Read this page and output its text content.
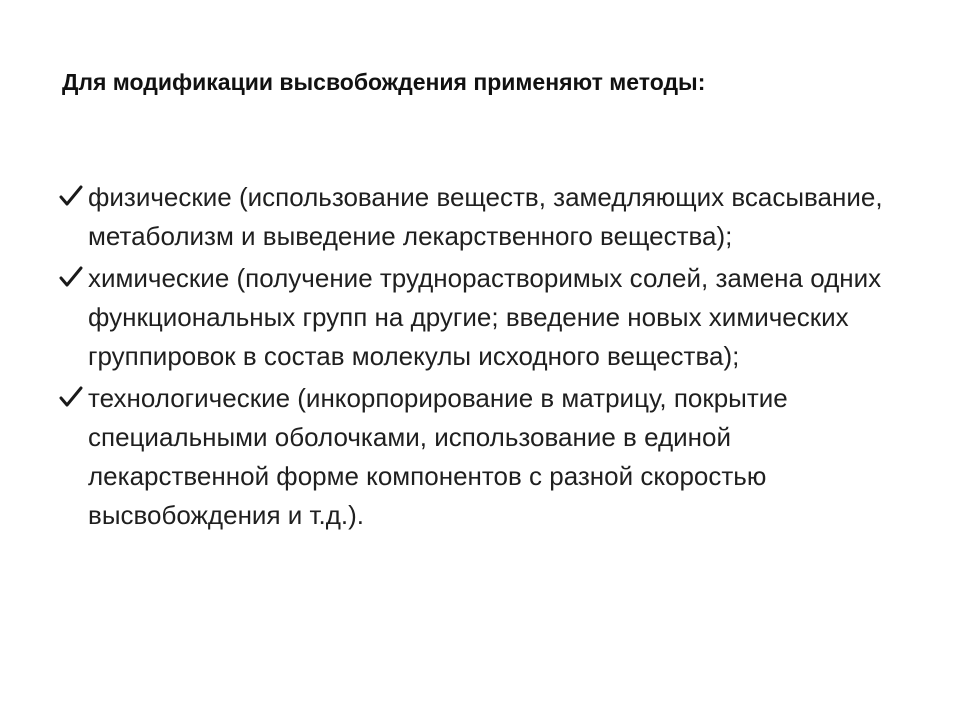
Для модификации высвобождения применяют методы:
физические (использование веществ, замедляющих всасывание, метаболизм и выведение лекарственного вещества);
химические (получение труднорастворимых солей, замена одних функциональных групп на другие; введение новых химических группировок в состав молекулы исходного вещества);
технологические (инкорпорирование в матрицу, покрытие специальными оболочками, использование в единой лекарственной форме компонентов с разной скоростью высвобождения и т.д.).
